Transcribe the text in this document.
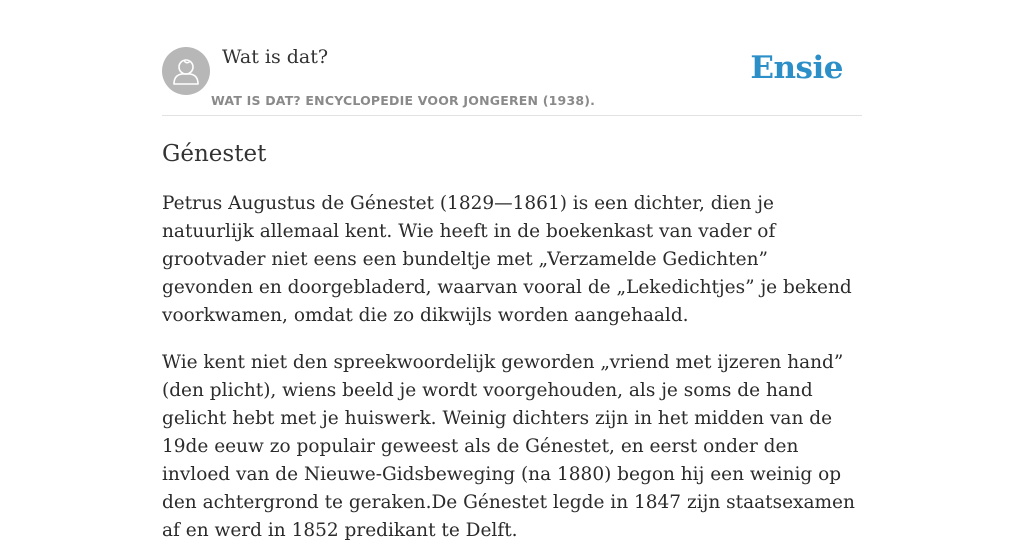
Wat is dat?
WAT IS DAT? ENCYCLOPEDIE VOOR JONGEREN (1938).
Ensie
Génestet

Petrus Augustus de Génestet (1829—1861) is een dichter, dien je natuurlijk allemaal kent. Wie heeft in de boekenkast van vader of grootvader niet eens een bundeltje met „Verzamelde Gedichten” gevonden en doorgebladerd, waarvan vooral de „Lekedichtjes” je bekend voorkwamen, omdat die zo dikwijls worden aangehaald.

Wie kent niet den spreekwoordelijk geworden „vriend met ijzeren hand” (den plicht), wiens beeld je wordt voorgehouden, als je soms de hand gelicht hebt met je huiswerk. Weinig dichters zijn in het midden van de 19de eeuw zo populair geweest als de Génestet, en eerst onder den invloed van de Nieuwe-Gidsbeweging (na 1880) begon hij een weinig op den achtergrond te geraken.De Génestet legde in 1847 zijn staatsexamen af en werd in 1852 predikant te Delft.
